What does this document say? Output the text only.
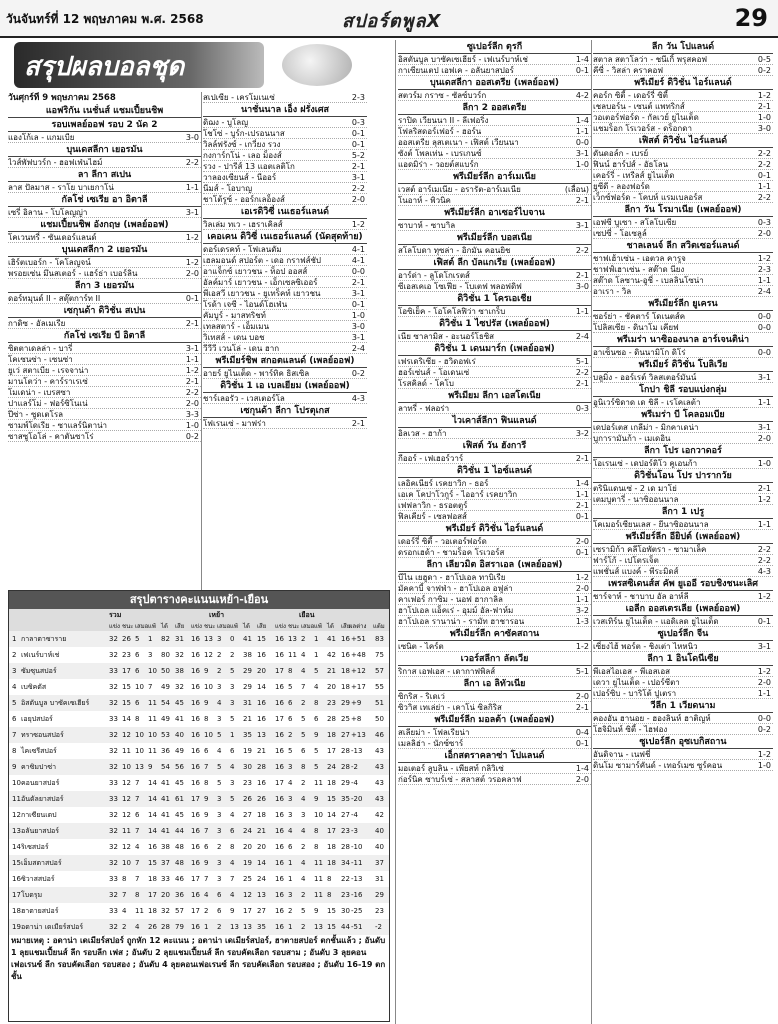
วันจันทร์ที่ 12 พฤษภาคม พ.ศ. 2568	สปอร์ตพูลX	29
สรุปผลบอลชุด
วันศุกร์ที่ 9 พฤษภาคม 2568
แอฟริกัน เนชั่นส์ แชมเปี้ยนชิพ
รอบเพลย์ออฟ รอบ 2 นัด 2
แองโก้เล - แกมเบีย	3-0
บุนเดสลีกา เยอรมัน
ไวส์พัฟบวร์ก - ฮอฟเฟ่นไฮม์	2-2
ลา ลีกา สเปน
ลาส ปัลมาส - ราโย บาเยกาโน่	1-1
กัลโช่ เซเรีย อา อิตาลี
เซรี่ อิลาน - โบโลญญ่า	3-1
แชมเปี้ยนชิพ อังกฤษ (เพลย์ออฟ)
โคเวนทรี่ - ซันเดอร์แลนด์	1-2
บุนเดสลีกา 2 เยอรมัน
เฮิร์ตเบอร์ก - โคโลญจน์	1-2
พรอยเซ่น มึนสเตอร์ - แฮร์ธ่า เบอร์ลิน	2-0
ลีกา 3 เยอรมัน
ดอร์ทมุนด์ II - สตุ๊ตการ์ท II	0-1
เซกุนด้า ดิวิชั่น สเปน
กาดิซ - อัลเมเรีย	2-1
กัลโช่ เซเรีย บี อิตาลี
ซิตตาเดลล่า - บารี่	3-1
โคเซนซ่า - เซนซ่า	1-1
ยูเว่ สตาเบีย - เรจจาน่า	1-2
มานโตว่า - คาร์ราเรเซ่	2-1
โมเดน่า - เบรสซา	2-2
ปาแลร์โม่ - ฟอร์ซิโนเน่	2-0
ปีซ่า - ซูดเตโรล	3-3
ซามพ์โดเรีย - ซาแลร์นิตาน่า	1-0
ซาสซูโอโล่ - คาตันซาโร่	0-2
สเปเซีย - เครโมเนเซ่	2-3
นาชั่นนาล เอ็ง ฝรั่งเศส
ดิฌง - บูโลญ	0-3
โชโซ่ - บูร์ก-เปรอนนาส	0-1
วิลล์ฟรังซ์ - เกวี่ยง รวง	0-1
กงการ์กโน่ - เลอ ม็องส์	5-2
รวง - ปารีส์ 13 แอตเลติโก	2-1
วาลองเซียนส์ - นีออร์	3-1
นีมส์ - โอบาญ	2-2
ชาโต้รูซ์ - ออร์กเลอ็องส์	2-0
เอเรดิวิซี่ เนเธอร์แลนด์
วิลเล่ม ทเว - เฮราเคิลส์	1-2
เคอเคน ดิวิซี่ เนเธอร์แลนด์ (นัดสุดท้าย)
ดอร์เดรคท์ - โฟเลนดัม	4-1
เฮลมอนด์ สปอร์ต - เดอ กราฟส์ชัป	4-1
อาแจ็กซ์ เยาวชน - ท็อป ออสส์	0-0
อัลค์มาร์ เยาวชน - เอ็กเซลซิเออร์	2-1
พีเอสวี เยาวชน - ยูเทร็คท์ เยาวชน	3-1
โรด้า เจซี - ไอนด์โฮเฟ่น	0-1
คัมบูร์ - มาสทริชท์	1-0
เทลสตาร์ - เอ็มเมน	3-0
วิเทสส์ - เดน บอช	3-1
วีวีวี เวนโล่ - เดน ฮาก	2-4
พรีเมียร์ชิพ สกอตแลนด์ (เพลย์ออฟ)
อายร์ ยูไนเต็ด - พาร์ทิค ธิสเซิล	0-2
ดิวิชั่น 1 เอ เบลเยียม (เพลย์ออฟ)
ชาร์เลอรัว - เวสเตอร์โล	4-3
เซกุนด้า ลีกา โปรตุเกส
โฟเรนเซ่ - มาฟร่า	2-1
ซูเปอร์ลีก ตุรกี
อิสตันบูล บาซัคเซเฮียร์ - เฟเนร์บาห์เช่	1-4
กาเซียนเตป เอฟเค - อลันยาสปอร์	0-1
บุนเดสลีกา ออสเตรีย (เพลย์ออฟ)
สตวร์ม กราซ - ซัลซ์บวร์ก	4-2
ลีกา 2 ออสเตรีย
ราปิด เวียนนา II - ลีเฟอริ่ง	1-4
โฟลริสดอร์เฟอร์ - ฮอร์น	1-1
ออสเตรีย ลุสเตเนา - เฟิสต์ เวียนนา	0-0
ซังต์ โพลเท่น - เบรเกนซ์	3-1
แอดมิร่า - วอยต์สแบร์ก	1-0
พรีเมียร์ลีก อาร์เมเนีย
เวสต์ อาร์เมเนีย - อรารัต-อาร์เมเนีย	(เลื่อน)
โนอาห์ - พิวนิค	2-1
พรีเมียร์ลีก อาเซอร์ไบจาน
ซาบาห์ - ซาบาิล	3-1
พรีเมียร์ลีก บอสเนีย
สโลโบดา ทุซล่า - อิกมัน คอนยิช	2-2
เฟิสต์ ลีก บัลแกเรีย (เพลย์ออฟ)
อาร์ด่า - ลูโดโกเรตส์	2-1
ซีเอสเคเอ โซเฟีย - โบเตฟ พลอฟดิฟ	3-0
ดิวิชั่น 1 โครเอเชีย
โอซิเย็ค - โอโคโลฟิว่า ซาเกร็บ	1-1
ดิวิชั่น 1 ไซปรัส (เพลย์ออฟ)
เนีย ซาลามิส - อะนอร์โธซิส	2-4
ดิวิชั่น 1 เดนมาร์ก (เพลย์ออฟ)
เฟรเดริเซีย - ฮวิดอฟเร่	5-1
ฮอร์เซ่นส์ - โอเดนเซ่	2-2
โรสคิลด์ - โคโบ	2-1
พรีเมียม ลีกา เอสโตเนีย
ลาทรี่ - ฟลอร่า	0-3
ไวเคาส์ลีกา ฟินแลนด์
อิลเวส - ฮาก้า	3-2
เฟิสต์ วัน ฮังการี
กีออร์ - เฟเฮอร์วาร์	2-1
ดิวิชั่น 1 ไอซ์แลนด์
เลอิคเนียร์ เรคยาวิก - ธอร์	1-4
เอเค โคปาโวกูร์ - ไออาร์ เรคยาวิก	1-1
เฟฟลาวิก - ธรอตตูร์	2-1
ฟิลเคียร์ - เซลฟอสส์	0-1
พรีเมียร์ ดิวิชั่น ไอร์แลนด์
เดอร์รี่ ซิตี้ - วอเตอร์ฟอร์ด	2-0
ดรอกเฮด้า - ชามร็อค โรเวอร์ส	0-1
ลีกา เลียวมิต อิสราเอล (เพลย์ออฟ)
บีไน เยฮูดา - ฮาโปเอล ทาบิเรีย	1-2
มัคคาบี้ จาฟฟ่า - ฮาโปเอล อฟูล่า	2-0
คาเฟอร์ กาซิม - นอฟ ฮากาลิล	1-1
ฮาโปเอล แอ็คเร่ - อุมม์ อัล-ฟาห์ม	3-2
ฮาโปเอล รานาน่า - รามัท ฮาชารอน	1-3
พรีเมียร์ลีก คาซัคสถาน
เซนิต - ไคร์ต	1-2
เวอร์สลีกา ลัตเวีย
ริกาส เอฟเอส - เดากาฟพิลส์	5-1
ลีกา เอ ลิทัวเนีย
ซิกริส - ริเดเว่	2-0
ซิวาิส เทเล่ย่า - เคาโน่ ซิลกิริส	2-1
พรีเมียร์ลีก มอลต้า (เพลย์ออฟ)
สเลียม่า - โฟลเรียน่า	0-4
เมลลิฮ่า - นักซ์ซาร์	0-1
เอ็กสตราคลาซ่า โปแลนด์
มอเตอร์ ลูบลิน - เพียสท์ กลิวิเซ่	1-4
ก่อร์นิค ซาบร์เซ่ - สลาสต์ วรอคลาฟ	2-0
ลีก วัน โปแลนด์
สตาล สตาโลว่า - ชนีเกิ้ พรุสคอฟ	0-5
คีซี่ - วิสล่า คราคอฟ	0-2
พรีเมียร์ ดิวิชั่น ไอร์แลนด์
คอร์ก ซิตี้ - เดอร์รี่ ซิตี้	1-2
เชลบอร์น - เซนต์ แพทริกส์	2-1
วอเตอร์ฟอร์ด - กัลเวย์ ยูไนเต็ด	1-0
แชมร็อก โรเวอร์ส - ดร็อกดา	3-0
เฟิสต์ ดิวิชั่น ไอร์แลนด์
ดันดอล์ก - เบรย์	2-2
ฟินน์ ฮาร์ปส์ - อัธโลน	2-2
เคอร์รี่ - เทรีลส์ ยูไนเต็ด	0-1
ยูซีดี - ลองฟอร์ด	1-1
เว็กซ์ฟอร์ด - โคบห์ แรมเบลอร์ส	2-2
ลีกา วัน โรมาเนีย (เพลย์ออฟ)
เอฟซี บูเซา - สโลโบเซีย	0-3
เซปซี่ - โอเซลูล์	2-0
ชาลเลนจ์ ลีก สวิตเซอร์แลนด์
ชาฟเฮ้าเซ่น - เอตวล คารูจ	1-2
ชาฟฟ์เฮาเซ่น - สต๊าด นียง	2-3
สต๊าด โลซาน-อูชี่ - เบลลินโซน่า	1-1
อาเรา - วิล	2-4
พรีเมียร์ลีก ยูเครน
ซอร์ย่า - ชัคตาร์ โดเนตส์ค	0-0
โปลิสเซีย - ดินาโม เคียฟ	0-0
พรีเมร่า นาซิอองนาล อาร์เจนติน่า
อาเซ็นซอ - ดินนามิโก ดิโร่	0-0
พรีเมียร์ ดิวิชั่น โบลิเวีย
บลูมิ่ง - ออร์เรต์ วิลสเตอร์มันน์	3-1
โกปา ชิลี รอบแบ่งกลุ่ม
อูนิเวร์ซิดาด เด ชิลี - เรโคเลต้า	1-1
พรีเมร่า บี โคลอมเบีย
เดปอร์เตส เกลีม่า - มิกคาเดน่า	3-1
บูการามันก้า - เมเดอิน	2-0
ลีกา โปร เอกวาดอร์
โอเรนเซ่ - เดปอร์ติโว คูเอนก้า	1-0
ดิวิชั่นโอน โปร ปารากวัย
ตรินิแดนเซ่ - 2 เด มาโย่	2-1
เตมบูตารี่ - นาซิออนนาล	1-2
ลีกา 1 เปรู
โคเมอร์เซียนเลส - ยีนาซิออนนาล	1-1
พรีเมียร์ลีก อียิปต์ (เพลย์ออฟ)
เซรามิก้า คลีโอพัตรา - ซามาเล็ค	2-2
ฟาร์โก้ - เปโตรเจ็ต	2-2
แพชั่นส์ แบงค์ - พีระมิดส์	4-3
เพรสซิเดนส์ส คัพ ยูเออี รอบชิงชนะเลิศ
ชาร์จาห์ - ชาบาบ อัล อาห์ลี	1-2
เอลีก ออสเตรเลีย (เพลย์ออฟ)
เวสเทิร์น ยูไนเต็ด - แอดิเลด ยูไนเต็ด	0-1
ซูเปอร์ลีก จีน
เซี่ยงไฮ้ พอร์ต - ชิงเต่า ไหหนิว	3-1
ลีกา 1 อินโดนีเซีย
พีเอสไอเอส - พีเอสเอส	1-2
เดวา ยูไนเต็ด - เปอร์ซีตา	2-0
เปอร์ซิบ - บาริโต้ ปูเตรา	1-1
วีลีก 1 เวียดนาม
คองอัน ฮานอย - ฮองลินห์ ฮาติญห์	0-0
โฮจิมินห์ ซิตี้ - ไฮฟอง	0-2
ซูเปอร์ลีก อุซเบกิสถาน
อันดิจาน - เนฟชี่	1-2
ดินโม ซามาร์คันด์ - เทอร์เมซ ซูร์คอน	1-0
สรุปตารางคะแนนเหย้า-เยือน
รวม	เหย้า	เยือน
แข่ง ชนะ เสมอ แพ้ ได้ เสีย แข่ง ชนะ เสมอ แพ้ ได้ เสีย แข่ง ชนะ เสมอ แพ้ ได้ เสีย
ผลต่าง แต้ม
1 กาลาตาซาราย	32 26 5 1 82 31 16 13 3 0 41 15 16 13 2 1 41 16 +51 83
2 เฟเนร์บาห์เช่	32 23 6 3 80 32 16 12 2 2 38 16 16 11 4 1 42 16 +48 75
3 ซัมซุนสปอร์	33 17 6 10 50 38 16 9 2 5 29 20 17 8 4 5 21 18 +12 57
4 เบซิคตัส	32 15 10 7 49 32 16 10 3 3 29 14 16 5 7 4 20 18 +17 55
5 อิสตันบูล บาซัคเซเฮียร์	32 15 6 11 54 45 16 9 4 3 31 16 16 6 2 8 23 29 +9 51
6 เอยุปสปอร์	33 14 8 11 49 41 16 8 3 5 21 16 17 6 5 6 28 25 +8 50
7 ทราซอนสปอร์	32 12 10 10 53 40 16 10 5 1 35 13 16 2 5 9 18 27 +13 46
8 ไคเซรีสปอร์	32 11 10 11 36 49 16 6 4 6 19 21 16 5 6 5 17 28 -13 43
9 คาซิมปาซ่า	32 10 13 9 54 56 16 7 5 4 30 28 16 3 8 5 24 28 -2 43
10 คอนยาสปอร์	33 12 7 14 41 45 16 8 5 3 23 16 17 4 2 11 18 29 -4 43
11 อันตัลยาสปอร์	33 12 7 14 41 61 17 9 3 5 26 26 16 3 4 9 15 35 -20 43
12 กาเซียนเตป	32 12 6 14 41 45 16 9 3 4 27 18 16 3 3 10 14 27 -4 42
13 อลันยาสปอร์	32 11 7 14 41 44 16 7 3 6 24 21 16 4 4 8 17 23 -3 40
14 ริเซสปอร์	32 12 4 16 38 48 16 6 2 8 20 20 16 6 2 8 18 28 -10 40
15 เอ็มสตาสปอร์	32 10 7 15 37 48 16 9 3 4 19 14 16 1 4 11 18 34 -11 37
16 ซิวาสสปอร์	33 8 7 18 33 46 17 7 3 7 25 24 16 1 4 11 8 22 -13 31
17 โบดรุม	32 7 8 17 20 36 16 4 6 4 12 13 16 3 2 11 8 23 -16 29
18 ฮาตายสปอร์	33 4 11 18 32 57 17 2 6 9 17 27 16 2 5 9 15 30 -25 23
19 อดาน่า เดเมียร์สปอร์	32 2 4 26 28 79 16 1 2 13 13 35 16 1 2 13 15 44 -51 -2
หมายเหตุ : อดาน่า เดเมียร์สปอร์ ถูกหัก 12 คะแนน ; อดาน่า เดเมียร์สปอร์, ฮาตายสปอร์ ตกชั้นแล้ว ; อันดับ 1 ลุยแชมเปี้ยนส์ ลีก รอบลีก เฟส ; อันดับ 2 ลุยแชมเปี้ยนส์ ลีก รอบคัดเลือก รอบสาม ; อันดับ 3 ลุยคอนเฟอเรนซ์ ลีก รอบคัดเลือก รอบสอง ; อันดับ 4 ลุยคอนเฟอเรนซ์ ลีก รอบคัดเลือก รอบสอง ; อันดับ 16-19 ตกชั้น
